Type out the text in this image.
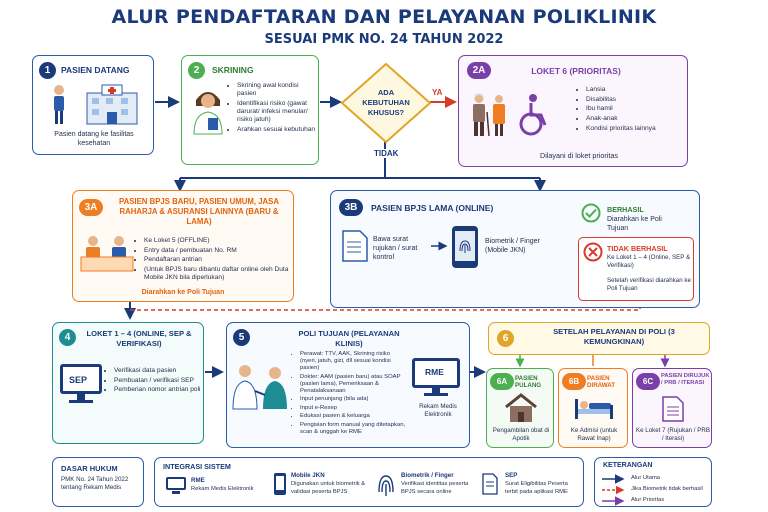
ALUR PENDAFTARAN DAN PELAYANAN POLIKLINIK
SESUAI PMK NO. 24 TAHUN 2022
1	PASIEN DATANG
Pasien datang ke fasilitas kesehatan
2	SKRINING
• Skrining awal kondisi pasien
• Identifikasi risiko (gawat darurat/ infeksi menular/ risiko jatuh)
• Arahkan sesuai kebutuhan
ADA KEBUTUHAN KHUSUS?
YA
TIDAK
2A	LOKET 6 (PRIORITAS)
• Lansia
• Disabilitas
• Ibu hamil
• Anak-anak
• Kondisi prioritas lainnya
Dilayani di loket prioritas
3A
PASIEN BPJS BARU, PASIEN UMUM, JASA RAHARJA & ASURANSI LAINNYA (BARU & LAMA)
• Ke Loket 5 (OFFLINE)
• Entry data / pembuatan No. RM
• Pendaftaran antrian
• (Untuk BPJS baru dibantu daftar online oleh Duta Mobile JKN bila diperlukan)
Diarahkan ke Poli Tujuan
3B	PASIEN BPJS LAMA (ONLINE)
Bawa surat rujukan / surat kontrol
Biometrik / Finger (Mobile JKN)
BERHASIL
Diarahkan ke Poli Tujuan
TIDAK BERHASIL
Ke Loket 1 – 4 (Online, SEP & Verifikasi)
Setelah verifikasi diarahkan ke Poli Tujuan
4	LOKET 1 – 4 (ONLINE, SEP & VERIFIKASI)
SEP
• Verifikasi data pasien
• Pembuatan / verifikasi SEP
• Pemberian nomor antrian poli
5	POLI TUJUAN (PELAYANAN KLINIS)
• Perawat: TTV, AAK, Skrining risiko (nyeri, jatuh, gizi, dll sesuai kondisi pasien)
• Dokter: AAM (pasien baru) atau SOAP (pasien lama), Pemeriksaan & Penatalaksanaan
• Input penunjang (bila ada)
• Input e-Resep
• Edukasi pasien & keluarga
• Pengisian form manual yang ditetapkan, scan & unggah ke RME
RME
Rekam Medis Elektronik
6
SETELAH PELAYANAN DI POLI (3 KEMUNGKINAN)
6A	PASIEN PULANG
Pengambilan obat di Apotik
6B	PASIEN DIRAWAT
Ke Admisi (untuk Rawat Inap)
6C
PASIEN DIRUJUK / PRB / ITERASI
Ke Loket 7 (Rujukan / PRB / Iterasi)
DASAR HUKUM
PMK No. 24 Tahun 2022 tentang Rekam Medis
INTEGRASI SISTEM
RME
Rekam Medis Elektronik
Mobile JKN
Digunakan untuk biometrik & validasi peserta BPJS
Biometrik / Finger
Verifikasi identitas peserta BPJS secara online
SEP
Surat Eligibilitas Peserta terbit pada aplikasi RME
KETERANGAN
Alur Utama
Jika Biometrik tidak berhasil
Alur Prioritas
